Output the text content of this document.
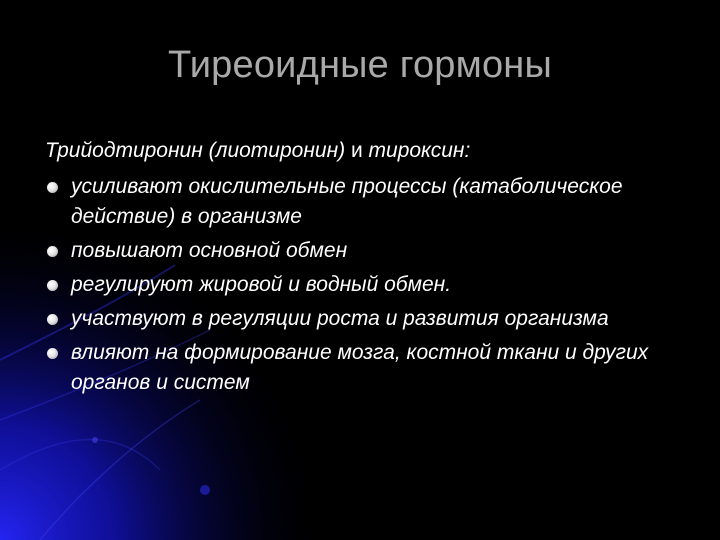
Тиреоидные гормоны

Трийодтиронин (лиотиронин) и тироксин:

усиливают окислительные процессы (катаболическое действие) в организме
повышают основной обмен
регулируют жировой и водный обмен.
участвуют в регуляции роста и развития организма
влияют на формирование мозга, костной ткани и других органов и систем
